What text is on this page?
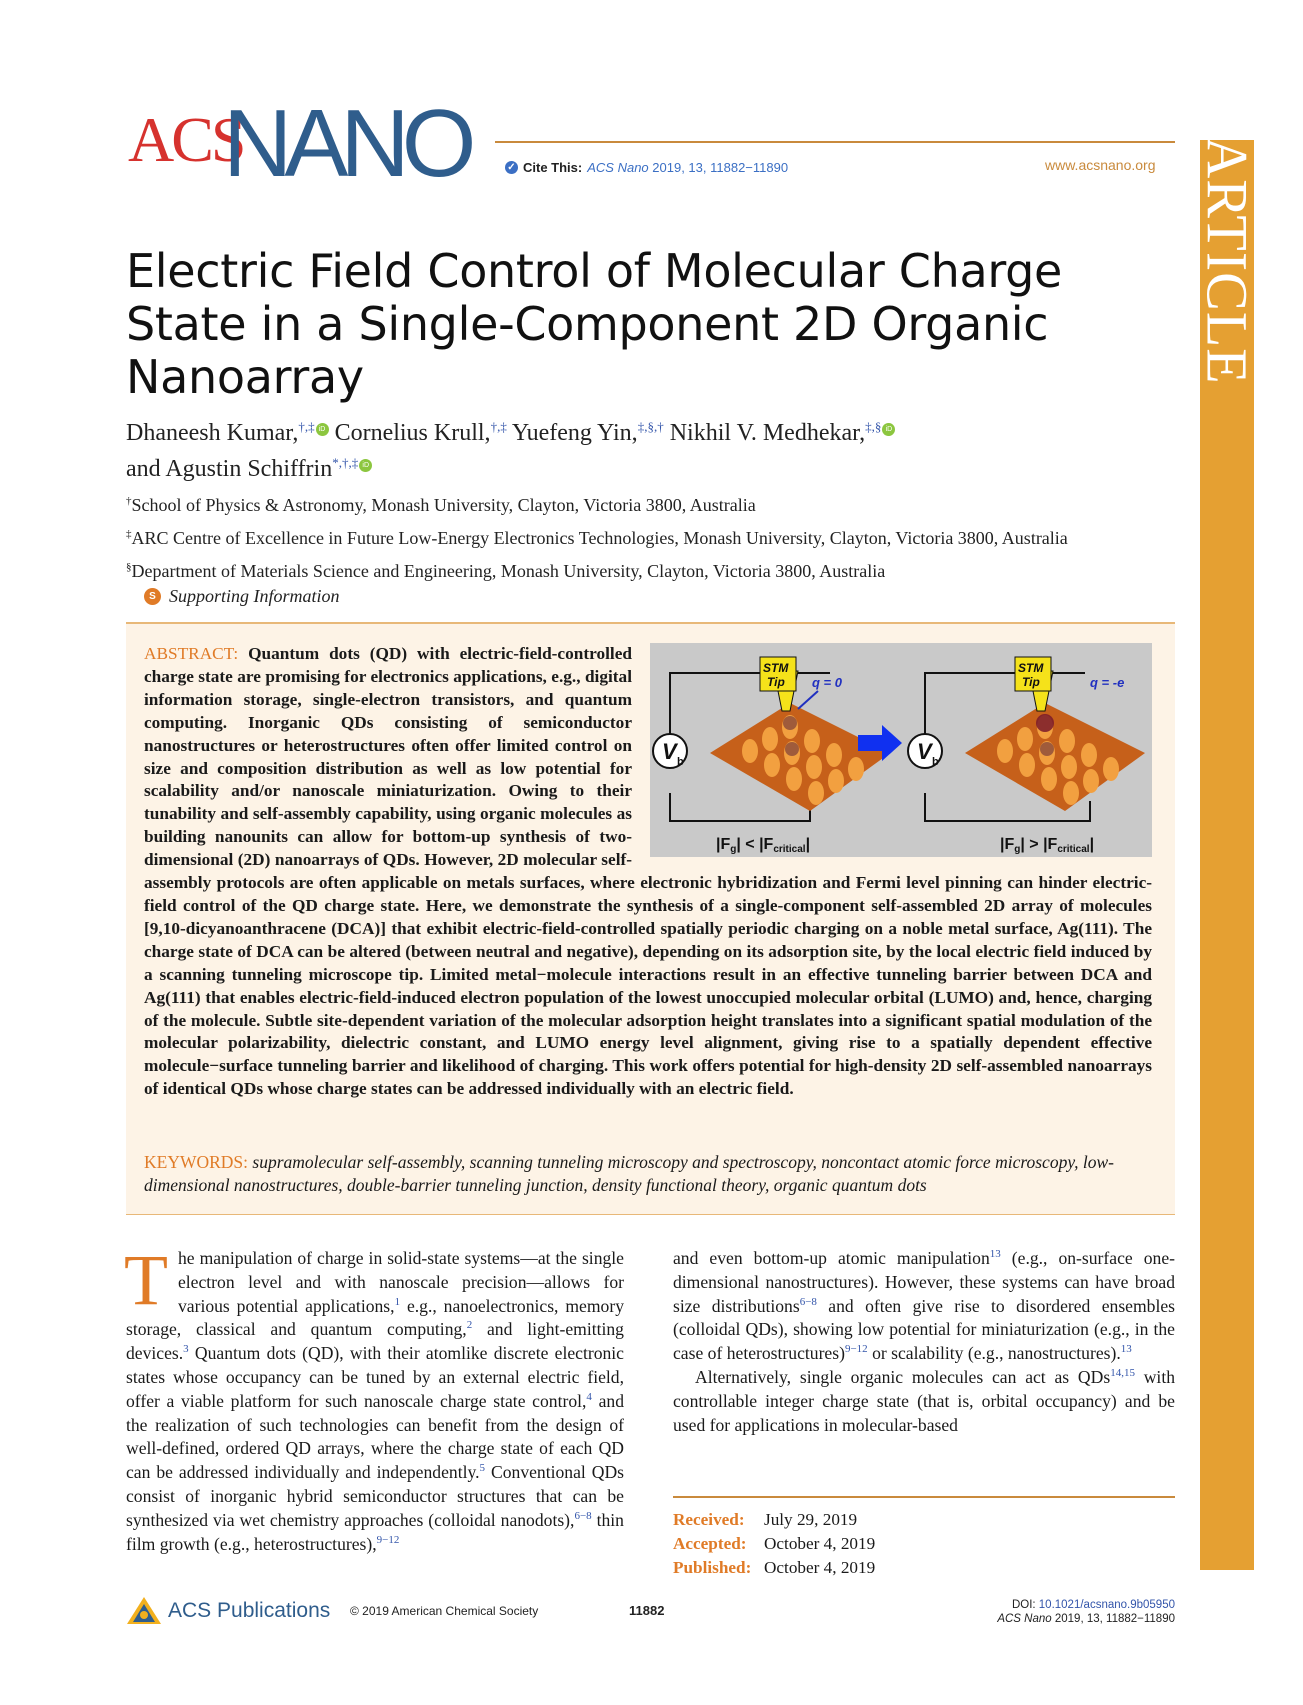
ACS
NANO	✓ Cite This: ACS Nano 2019, 13, 11882−11890	www.acsnano.org ARTICLE
Electric Field Control of Molecular Charge State in a Single-Component 2D Organic Nanoarray
Dhaneesh Kumar,†,‡ iD Cornelius Krull,†,‡ Yuefeng Yin,‡,§,† Nikhil V. Medhekar,‡,§ iD
and Agustin Schiffrin*,†,‡ iD
†School of Physics & Astronomy, Monash University, Clayton, Victoria 3800, Australia
‡ARC Centre of Excellence in Future Low-Energy Electronics Technologies, Monash University, Clayton, Victoria 3800, Australia
§Department of Materials Science and Engineering, Monash University, Clayton, Victoria 3800, Australia
S Supporting Information
V b
STM
Tip q = 0
|Fg| < |Fcritical|
V b
STM
Tip	q = -e
|Fg| > |Fcritical|
ABSTRACT: Quantum dots (QD) with electric-field-controlled charge state are promising for electronics applications, e.g., digital information storage, single-electron transistors, and quantum computing. Inorganic QDs consisting of semiconductor nanostructures or heterostructures often offer limited control on size and composition distribution as well as low potential for scalability and/or nanoscale miniaturization. Owing to their tunability and self-assembly capability, using organic molecules as building nanounits can allow for bottom-up synthesis of two-dimensional (2D) nanoarrays of QDs. However, 2D molecular self-assembly protocols are often applicable on metals surfaces, where electronic hybridization and Fermi level pinning can hinder electric-field control of the QD charge state. Here, we demonstrate the synthesis of a single-component self-assembled 2D array of molecules [9,10-dicyanoanthracene (DCA)] that exhibit electric-field-controlled spatially periodic charging on a noble metal surface, Ag(111). The charge state of DCA can be altered (between neutral and negative), depending on its adsorption site, by the local electric field induced by a scanning tunneling microscope tip. Limited metal−molecule interactions result in an effective tunneling barrier between DCA and Ag(111) that enables electric-field-induced electron population of the lowest unoccupied molecular orbital (LUMO) and, hence, charging of the molecule. Subtle site-dependent variation of the molecular adsorption height translates into a significant spatial modulation of the molecular polarizability, dielectric constant, and LUMO energy level alignment, giving rise to a spatially dependent effective molecule−surface tunneling barrier and likelihood of charging. This work offers potential for high-density 2D self-assembled nanoarrays of identical QDs whose charge states can be addressed individually with an electric field.
KEYWORDS: supramolecular self-assembly, scanning tunneling microscopy and spectroscopy, noncontact atomic force microscopy, low-dimensional nanostructures, double-barrier tunneling junction, density functional theory, organic quantum dots
T he manipulation of charge in solid-state systems—at the single electron level and with nanoscale precision—allows for various potential applications,$^1$ e.g., nanoelectronics, memory storage, classical and quantum computing,$^2$ and light-emitting devices.$^3$ Quantum dots (QD), with their atomlike discrete electronic states whose occupancy can be tuned by an external electric field, offer a viable platform for such nanoscale charge state control,$^4$ and the realization of such technologies can benefit from the design of well-defined, ordered QD arrays, where the charge state of each QD can be addressed individually and independently.$^5$ Conventional QDs consist of inorganic hybrid semiconductor structures that can be synthesized via wet chemistry approaches (colloidal nanodots),$^{6-8}$ thin film growth (e.g., heterostructures),$^{9-12}$
and even bottom-up atomic manipulation$^{13}$ (e.g., on-surface one-dimensional nanostructures). However, these systems can have broad size distributions$^{6-8}$ and often give rise to disordered ensembles (colloidal QDs), showing low potential for miniaturization (e.g., in the case of heterostructures)$^{9-12}$ or scalability (e.g., nanostructures).$^{13}$
Alternatively, single organic molecules can act as QDs$^{14,15}$ with controllable integer charge state (that is, orbital occupancy) and be used for applications in molecular-based
Received:	July 29, 2019
Accepted:	October 4, 2019
Published: October 4, 2019
ACS Publications © 2019 American Chemical Society	11882	DOI: 10.1021/acsnano.9b05950
ACS Nano 2019, 13, 11882−11890
